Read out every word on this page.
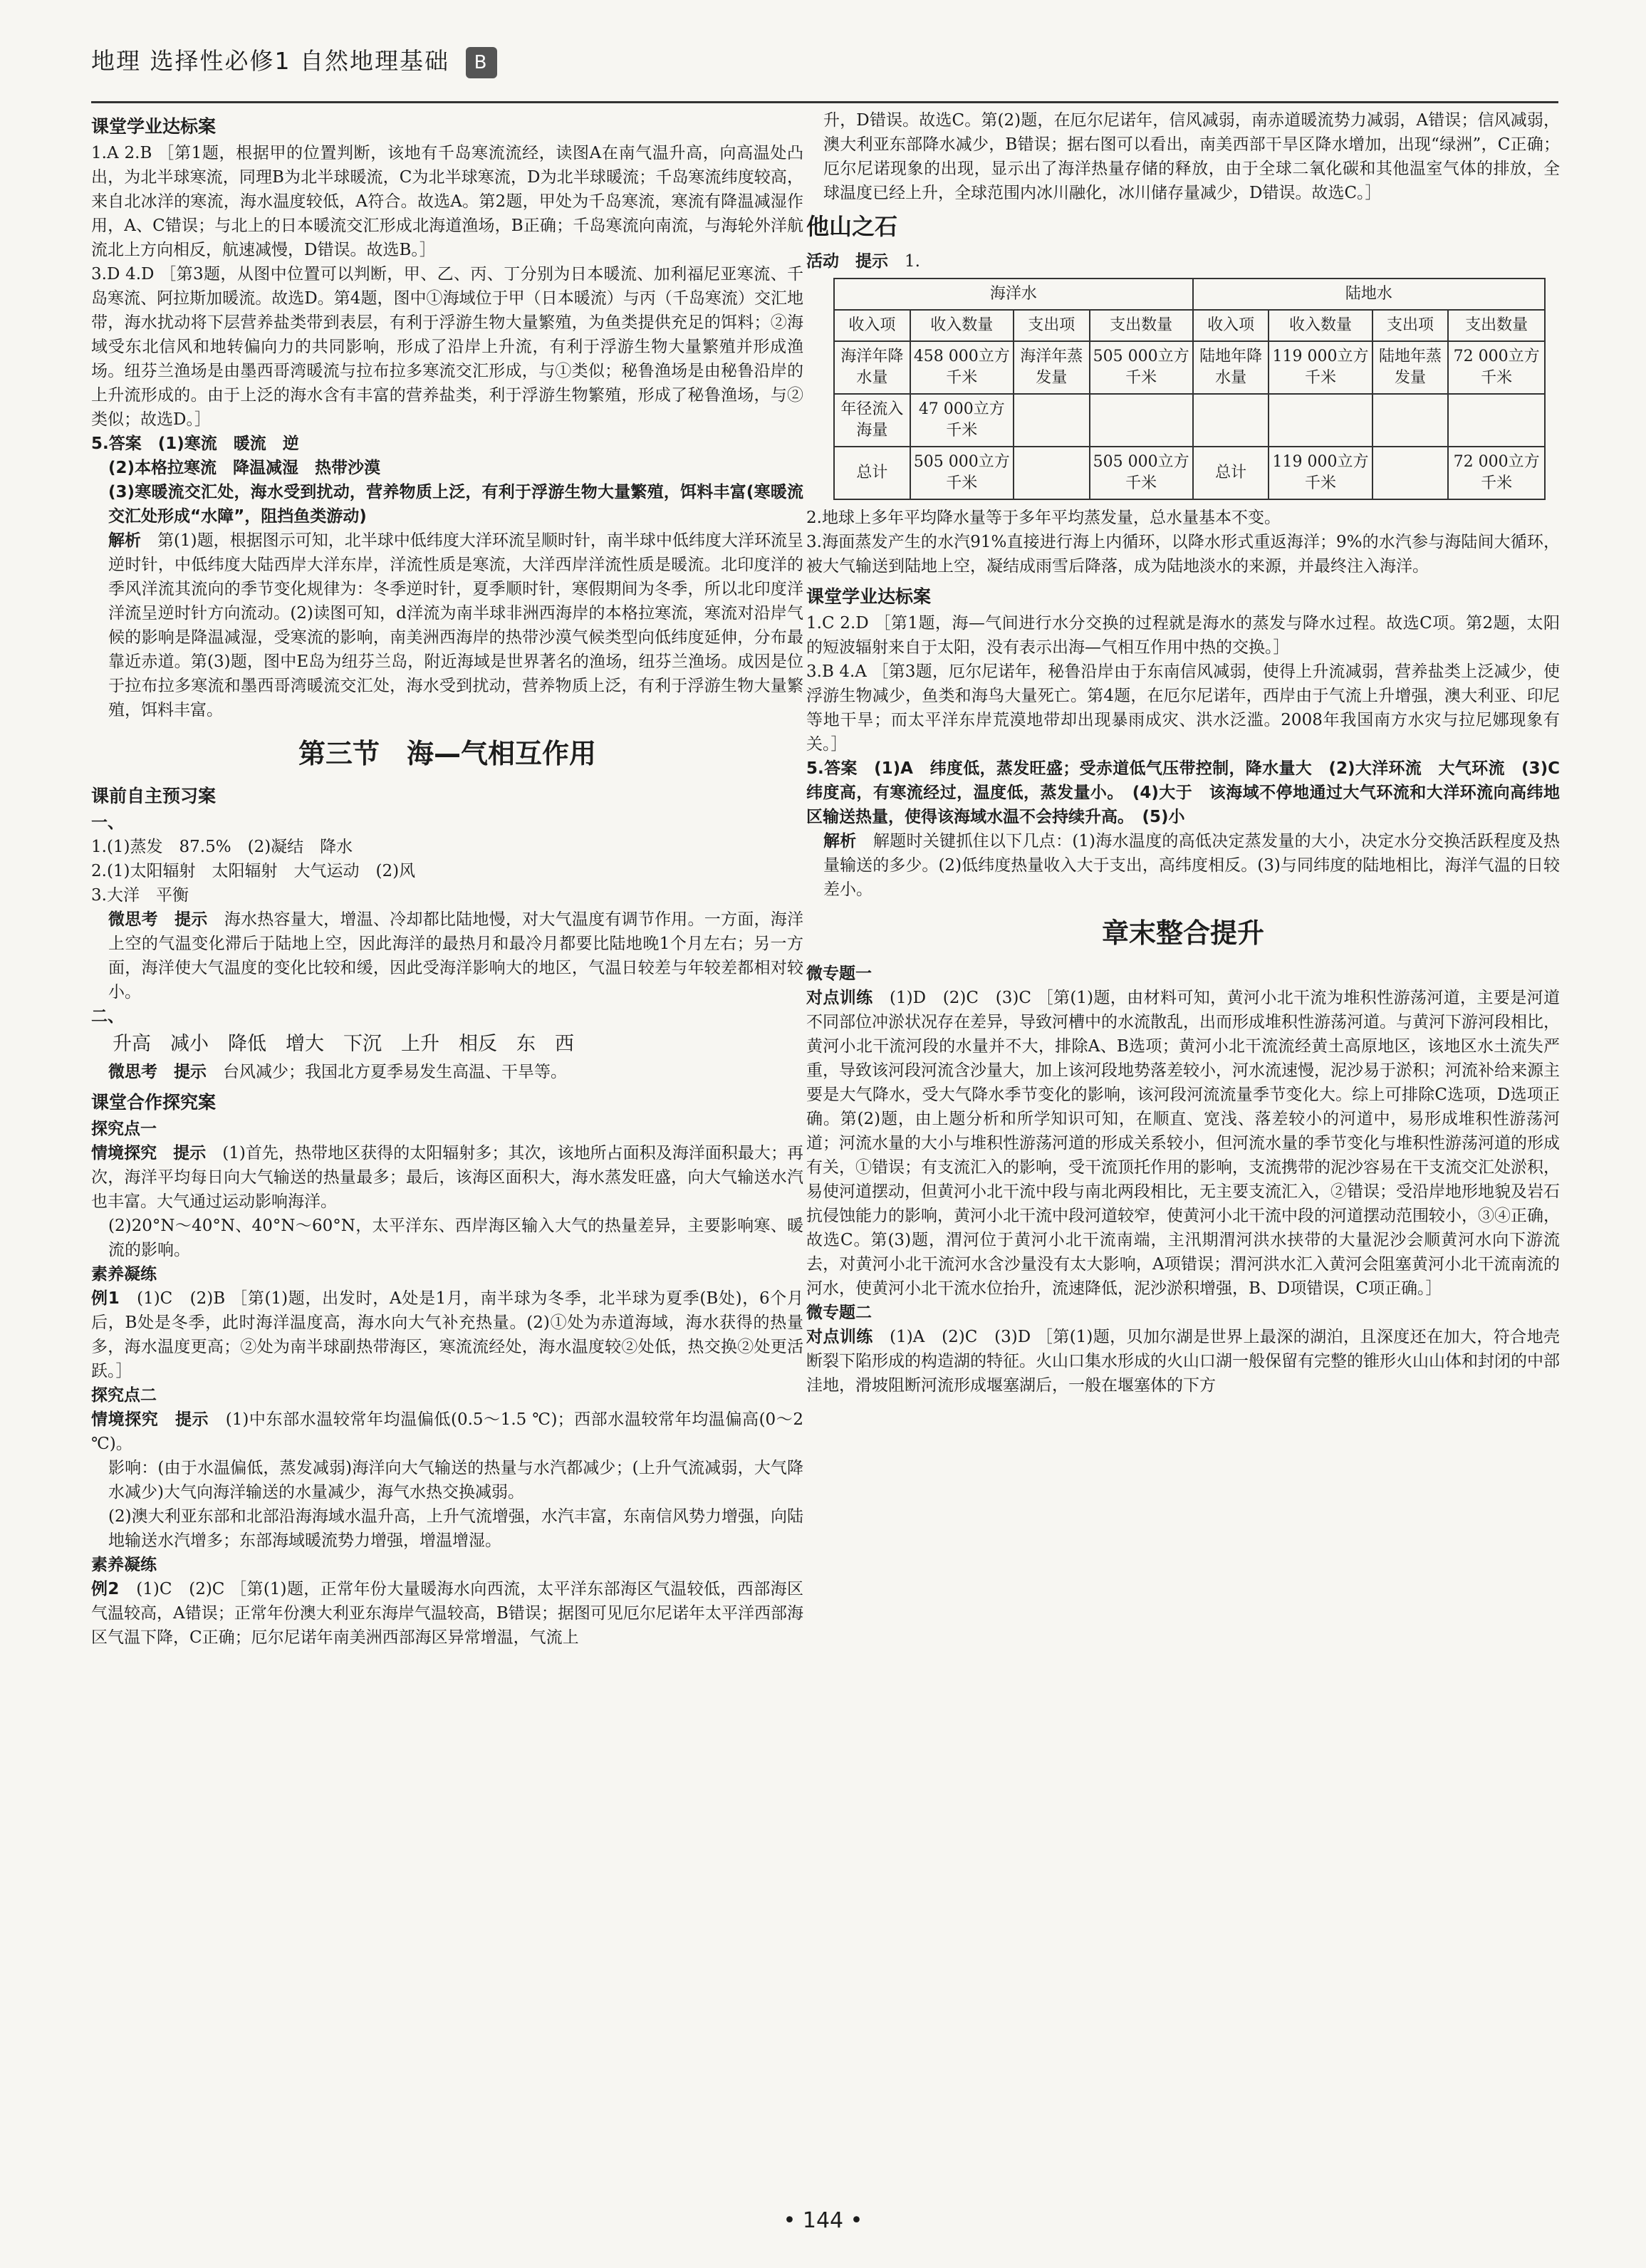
地理 选择性必修1 自然地理基础 B
课堂学业达标案

1.A 2.B ［第1题，根据甲的位置判断，该地有千岛寒流流经，读图A在南气温升高，向高温处凸出，为北半球寒流，同理B为北半球暖流，C为北半球寒流，D为北半球暖流；千岛寒流纬度较高，来自北冰洋的寒流，海水温度较低，A符合。故选A。第2题，甲处为千岛寒流，寒流有降温减湿作用，A、C错误；与北上的日本暖流交汇形成北海道渔场，B正确；千岛寒流向南流，与海轮外洋航流北上方向相反，航速减慢，D错误。故选B。］

3.D 4.D ［第3题，从图中位置可以判断，甲、乙、丙、丁分别为日本暖流、加利福尼亚寒流、千岛寒流、阿拉斯加暖流。故选D。第4题，图中①海域位于甲（日本暖流）与丙（千岛寒流）交汇地带，海水扰动将下层营养盐类带到表层，有利于浮游生物大量繁殖，为鱼类提供充足的饵料；②海域受东北信风和地转偏向力的共同影响，形成了沿岸上升流，有利于浮游生物大量繁殖并形成渔场。纽芬兰渔场是由墨西哥湾暖流与拉布拉多寒流交汇形成，与①类似；秘鲁渔场是由秘鲁沿岸的上升流形成的。由于上泛的海水含有丰富的营养盐类，利于浮游生物繁殖，形成了秘鲁渔场，与②类似；故选D。］

5.答案　 (1)寒流　暖流　逆

(2)本格拉寒流　降温减湿　热带沙漠

(3)寒暖流交汇处，海水受到扰动，营养物质上泛，有利于浮游生物大量繁殖，饵料丰富(寒暖流交汇处形成“水障”，阻挡鱼类游动)

解析　 第(1)题，根据图示可知，北半球中低纬度大洋环流呈顺时针，南半球中低纬度大洋环流呈逆时针，中低纬度大陆西岸大洋东岸，洋流性质是寒流，大洋西岸洋流性质是暖流。北印度洋的季风洋流其流向的季节变化规律为：冬季逆时针，夏季顺时针，寒假期间为冬季，所以北印度洋洋流呈逆时针方向流动。(2)读图可知，d洋流为南半球非洲西海岸的本格拉寒流，寒流对沿岸气候的影响是降温减湿，受寒流的影响，南美洲西海岸的热带沙漠气候类型向低纬度延伸，分布最靠近赤道。第(3)题，图中E岛为纽芬兰岛，附近海域是世界著名的渔场，纽芬兰渔场。成因是位于拉布拉多寒流和墨西哥湾暖流交汇处，海水受到扰动，营养物质上泛，有利于浮游生物大量繁殖，饵料丰富。

第三节　海—气相互作用
课前自主预习案

一、

1.(1)蒸发　87.5%　(2)凝结　降水

2.(1)太阳辐射　太阳辐射　大气运动　(2)风

3.大洋　平衡

微思考　提示　 海水热容量大，增温、冷却都比陆地慢，对大气温度有调节作用。一方面，海洋上空的气温变化滞后于陆地上空，因此海洋的最热月和最冷月都要比陆地晚1个月左右；另一方面，海洋使大气温度的变化比较和缓，因此受海洋影响大的地区，气温日较差与年较差都相对较小。

二、

升高　减小　降低　增大　下沉　上升　相反　东　西

微思考　提示　 台风减少；我国北方夏季易发生高温、干旱等。

课堂合作探究案

探究点一

情境探究　提示　 (1)首先，热带地区获得的太阳辐射多；其次，该地所占面积及海洋面积最大；再次，海洋平均每日向大气输送的热量最多；最后，该海区面积大，海水蒸发旺盛，向大气输送水汽也丰富。大气通过运动影响海洋。

(2)20°N～40°N、40°N～60°N，太平洋东、西岸海区输入大气的热量差异，主要影响寒、暖流的影响。

素养凝练

例1　 (1)C　(2)B ［第(1)题，出发时，A处是1月，南半球为冬季，北半球为夏季(B处)，6个月后，B处是冬季，此时海洋温度高，海水向大气补充热量。(2)①处为赤道海域，海水获得的热量多，海水温度更高；②处为南半球副热带海区，寒流流经处，海水温度较②处低，热交换②处更活跃。］

探究点二

情境探究　提示　 (1)中东部水温较常年均温偏低(0.5～1.5 ℃)；西部水温较常年均温偏高(0～2 ℃)。

影响：(由于水温偏低，蒸发减弱)海洋向大气输送的热量与水汽都减少；(上升气流减弱，大气降水减少)大气向海洋输送的水量减少，海气水热交换减弱。

(2)澳大利亚东部和北部沿海海域水温升高，上升气流增强，水汽丰富，东南信风势力增强，向陆地输送水汽增多；东部海域暖流势力增强，增温增湿。

素养凝练

例2　 (1)C　(2)C ［第(1)题，正常年份大量暖海水向西流，太平洋东部海区气温较低，西部海区气温较高，A错误；正常年份澳大利亚东海岸气温较高，B错误；据图可见厄尔尼诺年太平洋西部海区气温下降，C正确；厄尔尼诺年南美洲西部海区异常增温，气流上

升，D错误。故选C。第(2)题，在厄尔尼诺年，信风减弱，南赤道暖流势力减弱，A错误；信风减弱，澳大利亚东部降水减少，B错误；据右图可以看出，南美西部干旱区降水增加，出现“绿洲”，C正确；厄尔尼诺现象的出现，显示出了海洋热量存储的释放，由于全球二氧化碳和其他温室气体的排放，全球温度已经上升，全球范围内冰川融化，冰川储存量减少，D错误。故选C。］

他山之石

活动　提示　 1.

海洋水				陆地水			
收入项	收入数量	支出项	支出数量	收入项	收入数量	支出项	支出数量
海洋年降水量	458 000立方千米	海洋年蒸发量	505 000立方千米	陆地年降水量	119 000立方千米	陆地年蒸发量	72 000立方千米
年径流入海量	47 000立方千米						
总计	505 000立方千米		505 000立方千米	总计	119 000立方千米		72 000立方千米

2.地球上多年平均降水量等于多年平均蒸发量，总水量基本不变。

3.海面蒸发产生的水汽91%直接进行海上内循环，以降水形式重返海洋；9%的水汽参与海陆间大循环，被大气输送到陆地上空，凝结成雨雪后降落，成为陆地淡水的来源，并最终注入海洋。

课堂学业达标案

1.C 2.D ［第1题，海—气间进行水分交换的过程就是海水的蒸发与降水过程。故选C项。第2题，太阳的短波辐射来自于太阳，没有表示出海—气相互作用中热的交换。］

3.B 4.A ［第3题，厄尔尼诺年，秘鲁沿岸由于东南信风减弱，使得上升流减弱，营养盐类上泛减少，使浮游生物减少，鱼类和海鸟大量死亡。第4题，在厄尔尼诺年，西岸由于气流上升增强，澳大利亚、印尼等地干旱；而太平洋东岸荒漠地带却出现暴雨成灾、洪水泛滥。2008年我国南方水灾与拉尼娜现象有关。］

5.答案　 (1)A　纬度低，蒸发旺盛；受赤道低气压带控制，降水量大　(2)大洋环流　大气环流　(3)C　纬度高，有寒流经过，温度低，蒸发量小。　(4)大于　该海域不停地通过大气环流和大洋环流向高纬地区输送热量，使得该海域水温不会持续升高。　(5)小

解析　 解题时关键抓住以下几点：(1)海水温度的高低决定蒸发量的大小，决定水分交换活跃程度及热量输送的多少。(2)低纬度热量收入大于支出，高纬度相反。(3)与同纬度的陆地相比，海洋气温的日较差小。

章末整合提升

微专题一

对点训练　 (1)D　(2)C　(3)C ［第(1)题，由材料可知，黄河小北干流为堆积性游荡河道，主要是河道不同部位冲淤状况存在差异，导致河槽中的水流散乱，出而形成堆积性游荡河道。与黄河下游河段相比，黄河小北干流河段的水量并不大，排除A、B选项；黄河小北干流流经黄土高原地区，该地区水土流失严重，导致该河段河流含沙量大，加上该河段地势落差较小，河水流速慢，泥沙易于淤积；河流补给来源主要是大气降水，受大气降水季节变化的影响，该河段河流流量季节变化大。综上可排除C选项，D选项正确。第(2)题，由上题分析和所学知识可知，在顺直、宽浅、落差较小的河道中，易形成堆积性游荡河道；河流水量的大小与堆积性游荡河道的形成关系较小，但河流水量的季节变化与堆积性游荡河道的形成有关，①错误；有支流汇入的影响，受干流顶托作用的影响，支流携带的泥沙容易在干支流交汇处淤积，易使河道摆动，但黄河小北干流中段与南北两段相比，无主要支流汇入，②错误；受沿岸地形地貌及岩石抗侵蚀能力的影响，黄河小北干流中段河道较窄，使黄河小北干流中段的河道摆动范围较小，③④正确，故选C。第(3)题，渭河位于黄河小北干流南端，主汛期渭河洪水挟带的大量泥沙会顺黄河水向下游流去，对黄河小北干流河水含沙量没有太大影响，A项错误；渭河洪水汇入黄河会阻塞黄河小北干流南流的河水，使黄河小北干流水位抬升，流速降低，泥沙淤积增强，B、D项错误，C项正确。］

微专题二

对点训练　 (1)A　(2)C　(3)D ［第(1)题，贝加尔湖是世界上最深的湖泊，且深度还在加大，符合地壳断裂下陷形成的构造湖的特征。火山口集水形成的火山口湖一般保留有完整的锥形火山山体和封闭的中部洼地，滑坡阻断河流形成堰塞湖后，一般在堰塞体的下方

• 144 •
